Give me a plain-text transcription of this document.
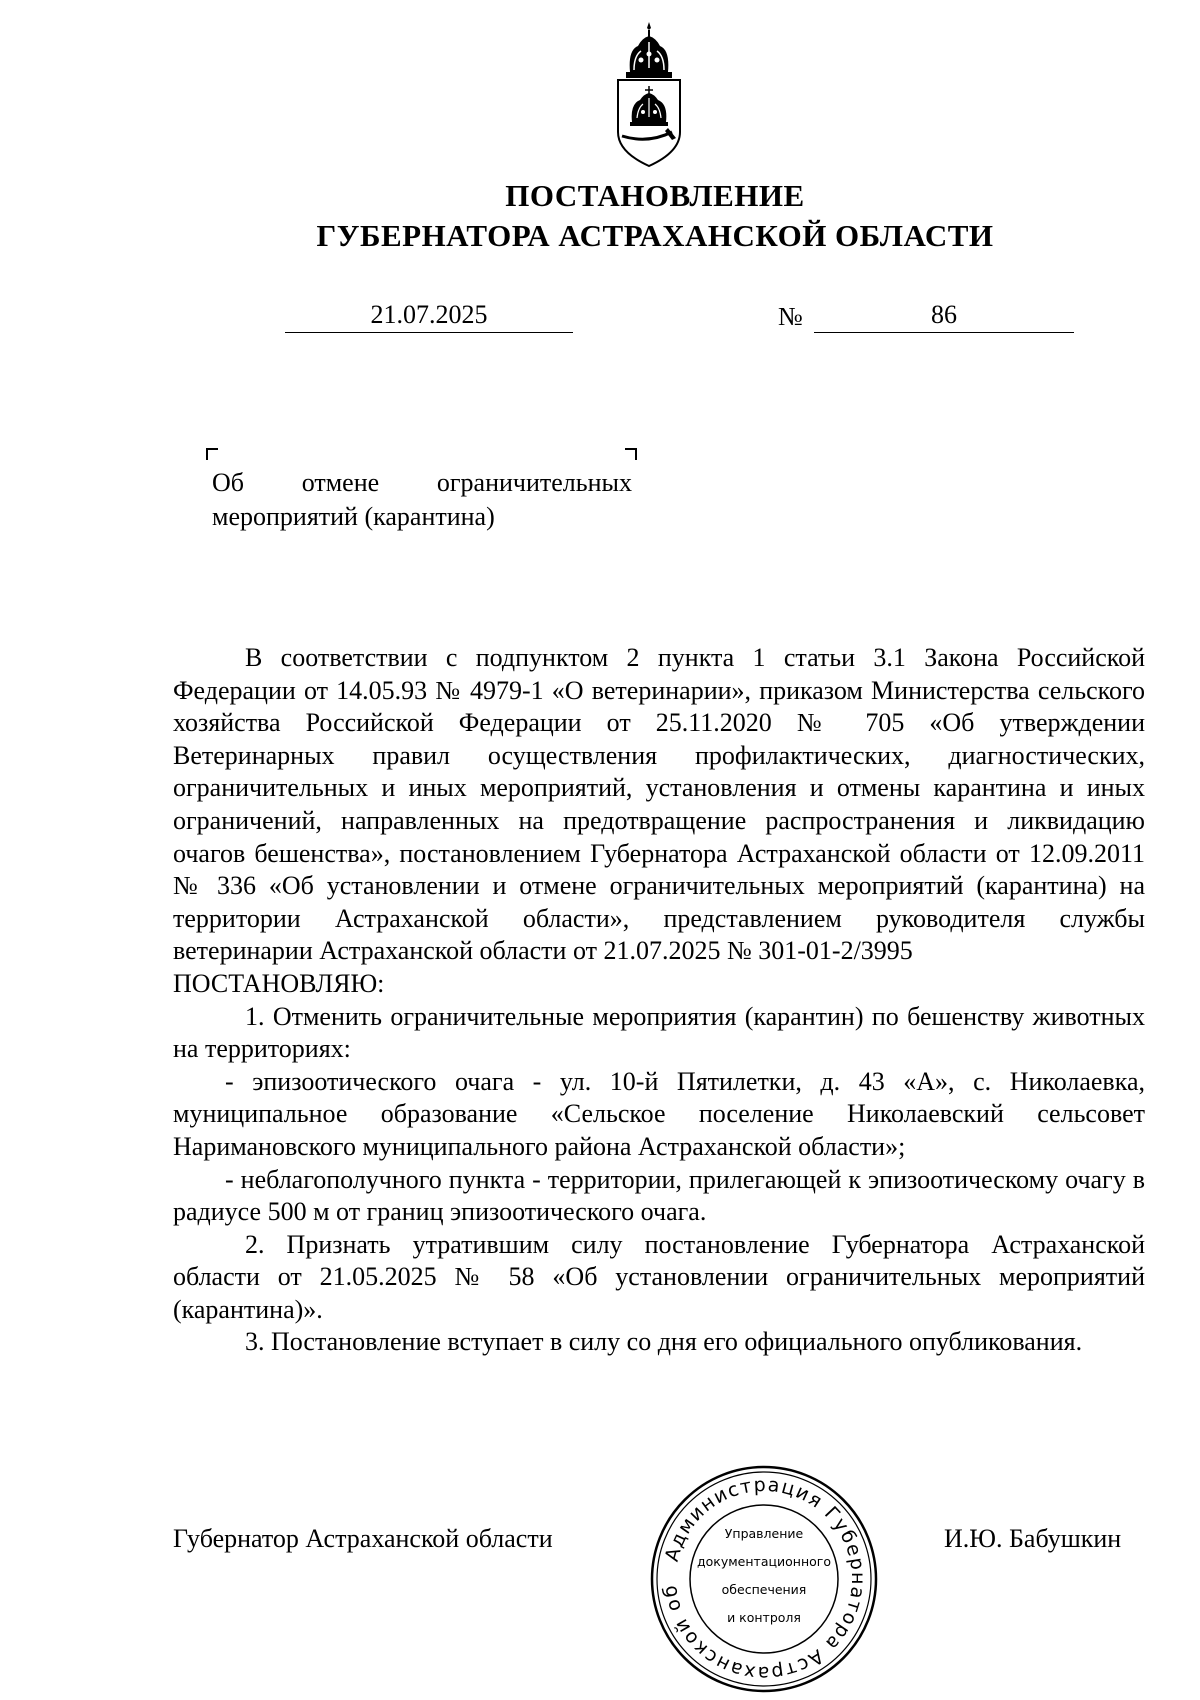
ПОСТАНОВЛЕНИЕ
ГУБЕРНАТОРА АСТРАХАНСКОЙ ОБЛАСТИ
21.07.2025	№	86
Об отмене ограничительных
мероприятий (карантина)

В соответствии с подпунктом 2 пункта 1 статьи 3.1 Закона Российской Федерации от 14.05.93 № 4979-1 «О ветеринарии», приказом Министерства сельского хозяйства Российской Федерации от 25.11.2020 № 705 «Об утверждении Ветеринарных правил осуществления профилактических, диагностических, ограничительных и иных мероприятий, установления и отмены карантина и иных ограничений, направленных на предотвращение распространения и ликвидацию очагов бешенства», постановлением Губернатора Астраханской области от 12.09.2011 № 336 «Об установлении и отмене ограничительных мероприятий (карантина) на территории Астраханской области», представлением руководителя службы ветеринарии Астраханской области от 21.07.2025 № 301-01-2/3995

ПОСТАНОВЛЯЮ:

1. Отменить ограничительные мероприятия (карантин) по бешенству животных на территориях:

- эпизоотического очага - ул. 10-й Пятилетки, д. 43 «А», с. Николаевка, муниципальное образование «Сельское поселение Николаевский сельсовет Наримановского муниципального района Астраханской области»;

- неблагополучного пункта - территории, прилегающей к эпизоотическому очагу в радиусе 500 м от границ эпизоотического очага.

2. Признать утратившим силу постановление Губернатора Астраханской области от 21.05.2025 № 58 «Об установлении ограничительных мероприятий (карантина)».

3. Постановление вступает в силу со дня его официального опубликования.

Губернатор Астраханской области	И.Ю. Бабушкин
Администрация Губернатора Астраханской об
Управление
документационного
обеспечения
и контроля
